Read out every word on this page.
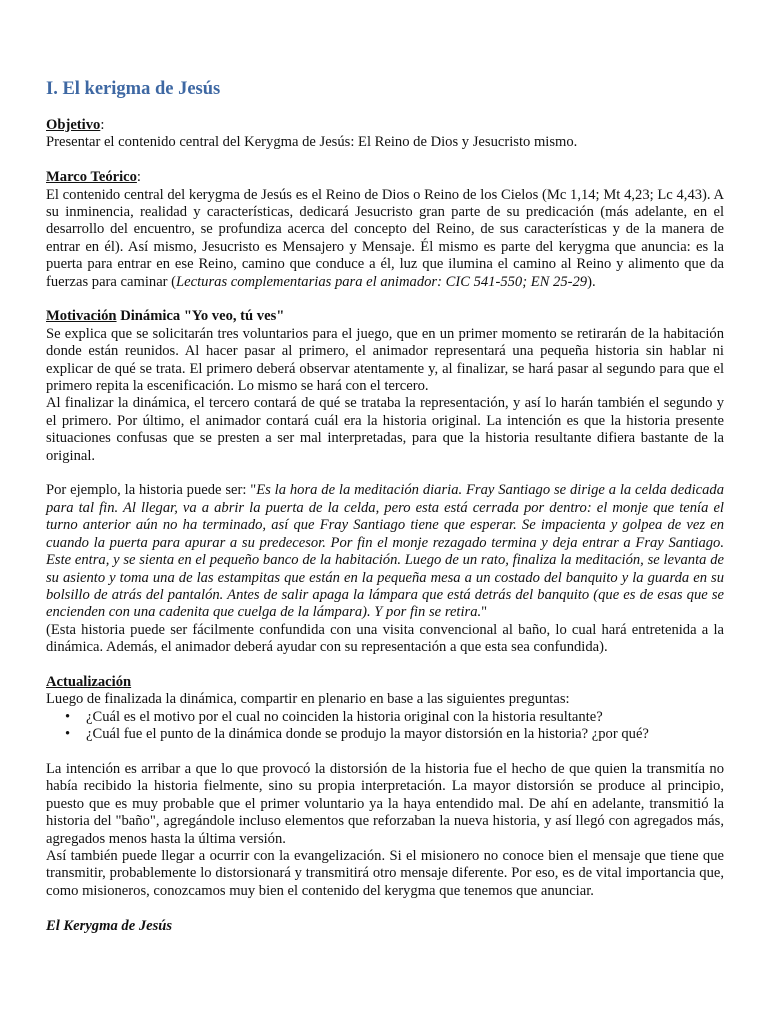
I. El kerigma de Jesús

Objetivo:

Presentar el contenido central del Kerygma de Jesús: El Reino de Dios y Jesucristo mismo.

Marco Teórico:

El contenido central del kerygma de Jesús es el Reino de Dios o Reino de los Cielos (Mc 1,14; Mt 4,23; Lc 4,43). A su inminencia, realidad y características, dedicará Jesucristo gran parte de su predicación (más adelante, en el desarrollo del encuentro, se profundiza acerca del concepto del Reino, de sus características y de la manera de entrar en él). Así mismo, Jesucristo es Mensajero y Mensaje. Él mismo es parte del kerygma que anuncia: es la puerta para entrar en ese Reino, camino que conduce a él, luz que ilumina el camino al Reino y alimento que da fuerzas para caminar (Lecturas complementarias para el animador: CIC 541-550; EN 25-29).

Motivación Dinámica "Yo veo, tú ves"

Se explica que se solicitarán tres voluntarios para el juego, que en un primer momento se retirarán de la habitación donde están reunidos. Al hacer pasar al primero, el animador representará una pequeña historia sin hablar ni explicar de qué se trata. El primero deberá observar atentamente y, al finalizar, se hará pasar al segundo para que el primero repita la escenificación. Lo mismo se hará con el tercero.

Al finalizar la dinámica, el tercero contará de qué se trataba la representación, y así lo harán también el segundo y el primero. Por último, el animador contará cuál era la historia original. La intención es que la historia presente situaciones confusas que se presten a ser mal interpretadas, para que la historia resultante difiera bastante de la original.

Por ejemplo, la historia puede ser: "Es la hora de la meditación diaria. Fray Santiago se dirige a la celda dedicada para tal fin. Al llegar, va a abrir la puerta de la celda, pero esta está cerrada por dentro: el monje que tenía el turno anterior aún no ha terminado, así que Fray Santiago tiene que esperar. Se impacienta y golpea de vez en cuando la puerta para apurar a su predecesor. Por fin el monje rezagado termina y deja entrar a Fray Santiago. Este entra, y se sienta en el pequeño banco de la habitación. Luego de un rato, finaliza la meditación, se levanta de su asiento y toma una de las estampitas que están en la pequeña mesa a un costado del banquito y la guarda en su bolsillo de atrás del pantalón. Antes de salir apaga la lámpara que está detrás del banquito (que es de esas que se encienden con una cadenita que cuelga de la lámpara). Y por fin se retira."

(Esta historia puede ser fácilmente confundida con una visita convencional al baño, lo cual hará entretenida a la dinámica. Además, el animador deberá ayudar con su representación a que esta sea confundida).

Actualización

Luego de finalizada la dinámica, compartir en plenario en base a las siguientes preguntas:

• ¿Cuál es el motivo por el cual no coinciden la historia original con la historia resultante?
• ¿Cuál fue el punto de la dinámica donde se produjo la mayor distorsión en la historia? ¿por qué?

La intención es arribar a que lo que provocó la distorsión de la historia fue el hecho de que quien la transmitía no había recibido la historia fielmente, sino su propia interpretación. La mayor distorsión se produce al principio, puesto que es muy probable que el primer voluntario ya la haya entendido mal. De ahí en adelante, transmitió la historia del "baño", agregándole incluso elementos que reforzaban la nueva historia, y así llegó con agregados más, agregados menos hasta la última versión.

Así también puede llegar a ocurrir con la evangelización. Si el misionero no conoce bien el mensaje que tiene que transmitir, probablemente lo distorsionará y transmitirá otro mensaje diferente. Por eso, es de vital importancia que, como misioneros, conozcamos muy bien el contenido del kerygma que tenemos que anunciar.

El Kerygma de Jesús
